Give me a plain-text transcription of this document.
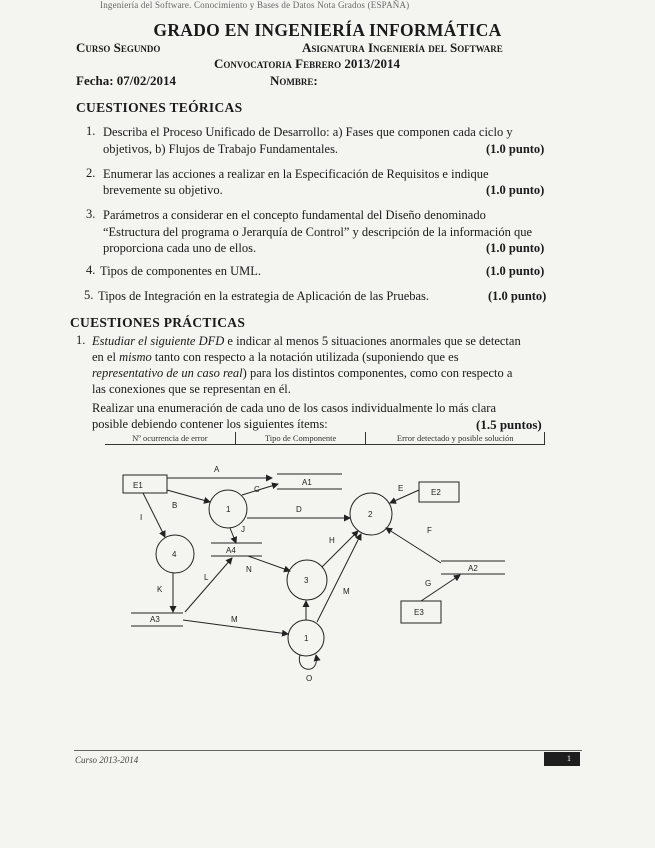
Ingeniería del Software. Conocimiento y Bases de Datos Nota Grados (ESPAÑA)
GRADO EN INGENIERÍA INFORMÁTICA
Curso Segundo	Asignatura Ingeniería del Software
Convocatoria Febrero 2013/2014
Fecha: 07/02/2014	Nombre:
CUESTIONES TEÓRICAS
1. Describa el Proceso Unificado de Desarrollo: a) Fases que componen cada ciclo y
objetivos, b) Flujos de Trabajo Fundamentales.	(1.0 punto)
2. Enumerar las acciones a realizar en la Especificación de Requisitos e indique
brevemente su objetivo.	(1.0 punto)
3. Parámetros a considerar en el concepto fundamental del Diseño denominado
“Estructura del programa o Jerarquía de Control” y descripción de la información que
proporciona cada uno de ellos.	(1.0 punto)
4. Tipos de componentes en UML.	(1.0 punto)
5. Tipos de Integración en la estrategia de Aplicación de las Pruebas.	(1.0 punto)
CUESTIONES PRÁCTICAS
1. Estudiar el siguiente DFD e indicar al menos 5 situaciones anormales que se detectan
en el mismo tanto con respecto a la notación utilizada (suponiendo que es
representativo de un caso real) para los distintos componentes, como con respecto a
las conexiones que se representan en él.
Realizar una enumeración de cada uno de los casos individualmente lo más clara
posible debiendo contener los siguientes ítems:	(1.5 puntos)
Nº ocurrencia de error	Tipo de Componente	Error detectado y posible solución
E1
E2
E3
1
2
3
4
1
A1
A2
A3
A4
A
B
C
D
E
F
G
H
I
J
K
L
M
N
M
O
Curso 2013-2014	1
